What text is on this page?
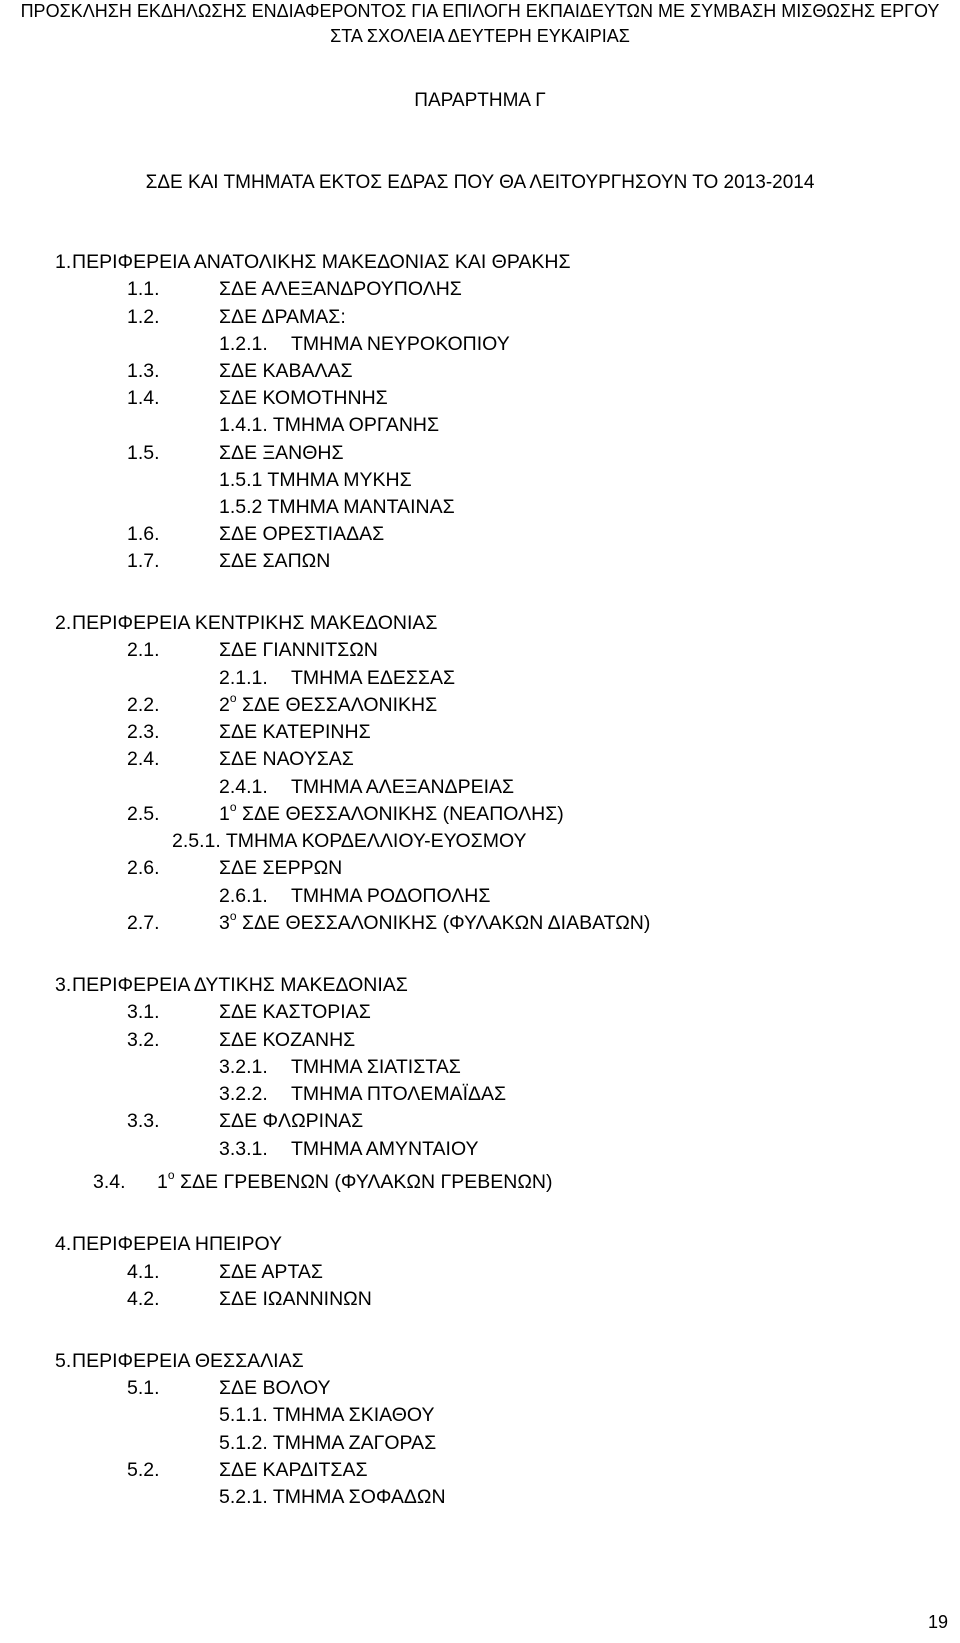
ΠΡΟΣΚΛΗΣΗ ΕΚΔΗΛΩΣΗΣ ΕΝΔΙΑΦΕΡΟΝΤΟΣ ΓΙΑ ΕΠΙΛΟΓΗ ΕΚΠΑΙΔΕΥΤΩΝ ΜΕ ΣΥΜΒΑΣΗ ΜΙΣΘΩΣΗΣ ΕΡΓΟΥ
ΣΤΑ ΣΧΟΛΕΙΑ ΔΕΥΤΕΡΗ ΕΥΚΑΙΡΙΑΣ
ΠΑΡΑΡΤΗΜΑ Γ
ΣΔΕ ΚΑΙ ΤΜΗΜΑΤΑ ΕΚΤΟΣ ΕΔΡΑΣ ΠΟΥ ΘΑ ΛΕΙΤΟΥΡΓΗΣΟΥΝ ΤΟ 2013-2014
1.ΠΕΡΙΦΕΡΕΙΑ ΑΝΑΤΟΛΙΚΗΣ ΜΑΚΕΔΟΝΙΑΣ ΚΑΙ ΘΡΑΚΗΣ
1.1.	ΣΔΕ ΑΛΕΞΑΝΔΡΟΥΠΟΛΗΣ
1.2.	ΣΔΕ ΔΡΑΜΑΣ:
1.2.1. ΤΜΗΜΑ ΝΕΥΡΟΚΟΠΙΟΥ
1.3.	ΣΔΕ ΚΑΒΑΛΑΣ
1.4.	ΣΔΕ ΚΟΜΟΤΗΝΗΣ
1.4.1. ΤΜΗΜΑ ΟΡΓΑΝΗΣ
1.5.	ΣΔΕ ΞΑΝΘΗΣ
1.5.1 ΤΜΗΜΑ ΜΥΚΗΣ
1.5.2 ΤΜΗΜΑ ΜΑΝΤΑΙΝΑΣ
1.6.	ΣΔΕ ΟΡΕΣΤΙΑΔΑΣ
1.7.	ΣΔΕ ΣΑΠΩΝ
2.ΠΕΡΙΦΕΡΕΙΑ ΚΕΝΤΡΙΚΗΣ ΜΑΚΕΔΟΝΙΑΣ
2.1.	ΣΔΕ ΓΙΑΝΝΙΤΣΩΝ
2.1.1. ΤΜΗΜΑ ΕΔΕΣΣΑΣ
2.2.	$2^o$ ΣΔΕ ΘΕΣΣΑΛΟΝΙΚΗΣ
2.3.	ΣΔΕ ΚΑΤΕΡΙΝΗΣ
2.4.	ΣΔΕ ΝΑΟΥΣΑΣ
2.4.1. ΤΜΗΜΑ ΑΛΕΞΑΝΔΡΕΙΑΣ
2.5.	$1^o$ ΣΔΕ ΘΕΣΣΑΛΟΝΙΚΗΣ (ΝΕΑΠΟΛΗΣ)
2.5.1. ΤΜΗΜΑ ΚΟΡΔΕΛΛΙΟΥ-ΕΥΟΣΜΟΥ
2.6.	ΣΔΕ ΣΕΡΡΩΝ
2.6.1. ΤΜΗΜΑ ΡΟΔΟΠΟΛΗΣ
2.7.	$3^o$ ΣΔΕ ΘΕΣΣΑΛΟΝΙΚΗΣ (ΦΥΛΑΚΩΝ ΔΙΑΒΑΤΩΝ)
3.ΠΕΡΙΦΕΡΕΙΑ ΔΥΤΙΚΗΣ ΜΑΚΕΔΟΝΙΑΣ
3.1.	ΣΔΕ ΚΑΣΤΟΡΙΑΣ
3.2.	ΣΔΕ ΚΟΖΑΝΗΣ
3.2.1. ΤΜΗΜΑ ΣΙΑΤΙΣΤΑΣ
3.2.2. ΤΜΗΜΑ ΠΤΟΛΕΜΑΪΔΑΣ
3.3.	ΣΔΕ ΦΛΩΡΙΝΑΣ
3.3.1. ΤΜΗΜΑ ΑΜΥΝΤΑΙΟΥ
3.4. $1^o$ ΣΔΕ ΓΡΕΒΕΝΩΝ (ΦΥΛΑΚΩΝ ΓΡΕΒΕΝΩΝ)
4.ΠΕΡΙΦΕΡΕΙΑ ΗΠΕΙΡΟΥ
4.1.	ΣΔΕ ΑΡΤΑΣ
4.2.	ΣΔΕ ΙΩΑΝΝΙΝΩΝ
5.ΠΕΡΙΦΕΡΕΙΑ ΘΕΣΣΑΛΙΑΣ
5.1.	ΣΔΕ ΒΟΛΟΥ
5.1.1. ΤΜΗΜΑ ΣΚΙΑΘΟΥ
5.1.2. ΤΜΗΜΑ ΖΑΓΟΡΑΣ
5.2.	ΣΔΕ ΚΑΡΔΙΤΣΑΣ
5.2.1. ΤΜΗΜΑ ΣΟΦΑΔΩΝ
19
